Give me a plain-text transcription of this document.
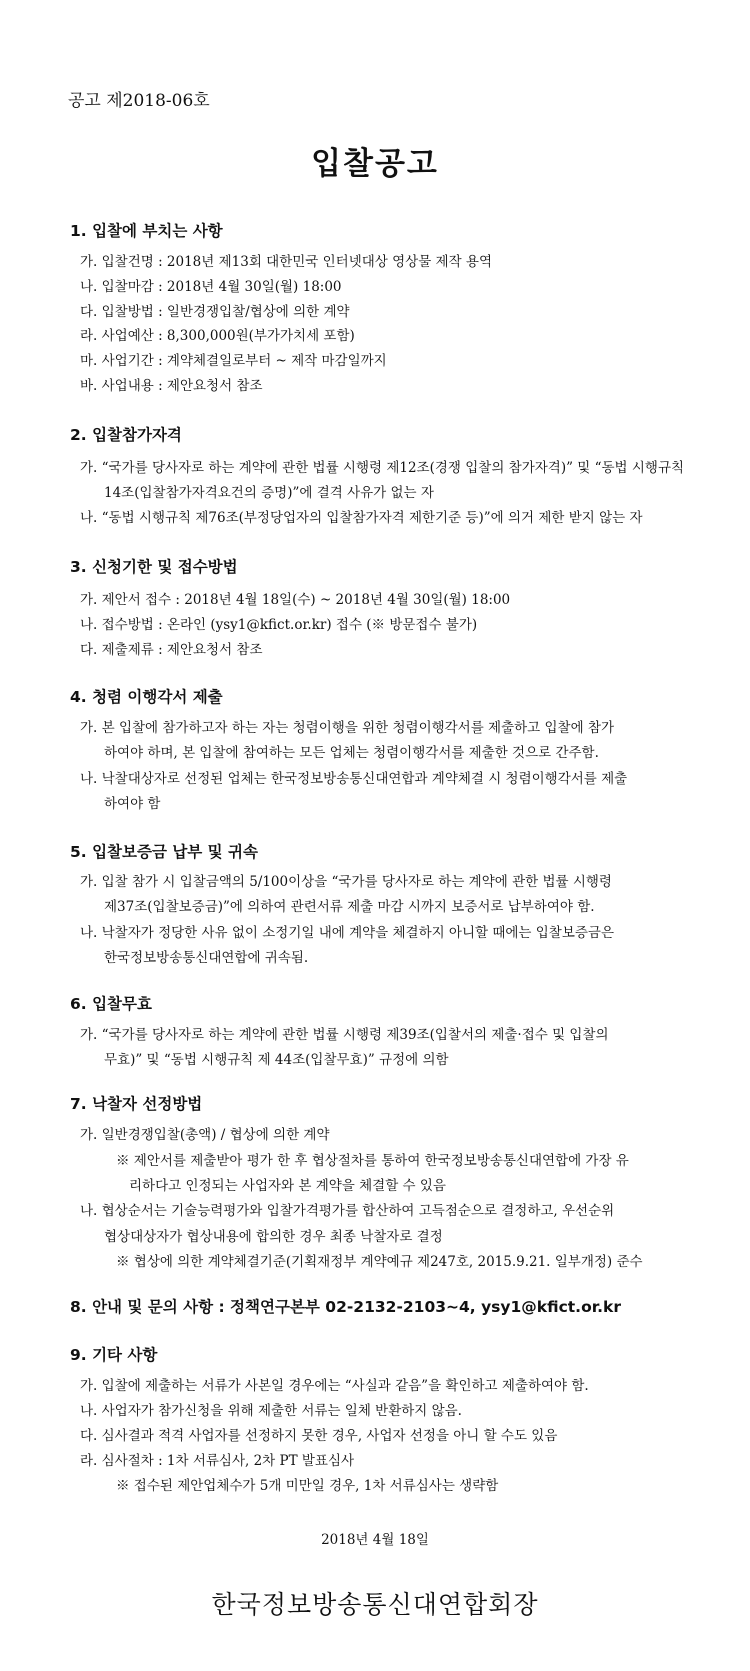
공고 제2018-06호
입찰공고
1. 입찰에 부치는 사항
가. 입찰건명 : 2018년 제13회 대한민국 인터넷대상 영상물 제작 용역
나. 입찰마감 : 2018년 4월 30일(월) 18:00
다. 입찰방법 : 일반경쟁입찰/협상에 의한 계약
라. 사업예산 : 8,300,000원(부가가치세 포함)
마. 사업기간 : 계약체결일로부터 ~ 제작 마감일까지
바. 사업내용 : 제안요청서 참조
2. 입찰참가자격
가. “국가를 당사자로 하는 계약에 관한 법률 시행령 제12조(경쟁 입찰의 참가자격)” 및 “동법 시행규칙
14조(입찰참가자격요건의 증명)”에 결격 사유가 없는 자
나. “동법 시행규칙 제76조(부정당업자의 입찰참가자격 제한기준 등)”에 의거 제한 받지 않는 자
3. 신청기한 및 접수방법
가. 제안서 접수 : 2018년 4월 18일(수) ~ 2018년 4월 30일(월) 18:00
나. 접수방법 : 온라인 (ysy1@kfict.or.kr) 접수 (※ 방문접수 불가)
다. 제출제류 : 제안요청서 참조
4. 청렴 이행각서 제출
가. 본 입찰에 참가하고자 하는 자는 청렴이행을 위한 청렴이행각서를 제출하고 입찰에 참가
하여야 하며, 본 입찰에 참여하는 모든 업체는 청렴이행각서를 제출한 것으로 간주함.
나. 낙찰대상자로 선정된 업체는 한국정보방송통신대연합과 계약체결 시 청렴이행각서를 제출
하여야 함
5. 입찰보증금 납부 및 귀속
가. 입찰 참가 시 입찰금액의 5/100이상을 “국가를 당사자로 하는 계약에 관한 법률 시행령
제37조(입찰보증금)”에 의하여 관련서류 제출 마감 시까지 보증서로 납부하여야 함.
나. 낙찰자가 정당한 사유 없이 소정기일 내에 계약을 체결하지 아니할 때에는 입찰보증금은
한국정보방송통신대연합에 귀속됨.
6. 입찰무효
가. “국가를 당사자로 하는 계약에 관한 법률 시행령 제39조(입찰서의 제출·접수 및 입찰의
무효)” 및 “동법 시행규칙 제 44조(입찰무효)” 규정에 의함
7. 낙찰자 선정방법
가. 일반경쟁입찰(총액) / 협상에 의한 계약
※ 제안서를 제출받아 평가 한 후 협상절차를 통하여 한국정보방송통신대연합에 가장 유
리하다고 인정되는 사업자와 본 계약을 체결할 수 있음
나. 협상순서는 기술능력평가와 입찰가격평가를 합산하여 고득점순으로 결정하고, 우선순위
협상대상자가 협상내용에 합의한 경우 최종 낙찰자로 결정
※ 협상에 의한 계약체결기준(기획재정부 계약예규 제247호, 2015.9.21. 일부개정) 준수
8. 안내 및 문의 사항 : 정책연구본부 02-2132-2103~4, ysy1@kfict.or.kr
9. 기타 사항
가. 입찰에 제출하는 서류가 사본일 경우에는 “사실과 같음”을 확인하고 제출하여야 함.
나. 사업자가 참가신청을 위해 제출한 서류는 일체 반환하지 않음.
다. 심사결과 적격 사업자를 선정하지 못한 경우, 사업자 선정을 아니 할 수도 있음
라. 심사절차 : 1차 서류심사, 2차 PT 발표심사
※ 접수된 제안업체수가 5개 미만일 경우, 1차 서류심사는 생략함
2018년 4월 18일
한국정보방송통신대연합회장
